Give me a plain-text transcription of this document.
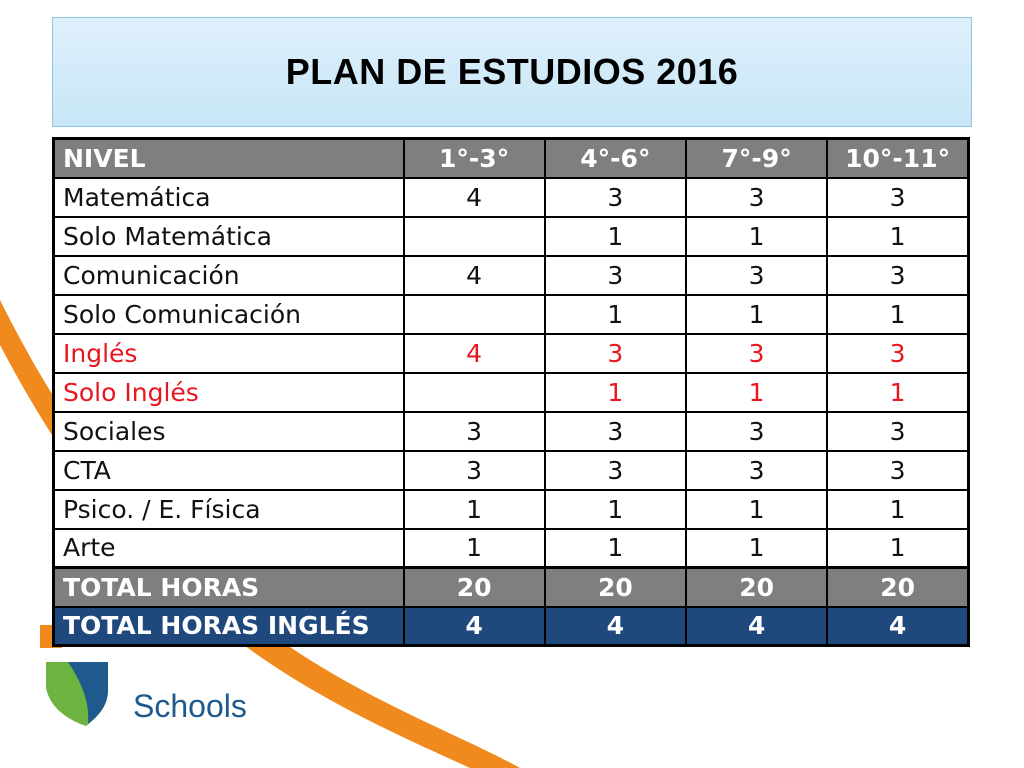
Schools
PLAN DE ESTUDIOS 2016
NIVEL	1°-3°	4°-6°	7°-9°	10°-11°
Matemática	4	3	3	3
Solo Matemática		1	1	1
Comunicación	4	3	3	3
Solo Comunicación		1	1	1
Inglés	4	3	3	3
Solo Inglés		1	1	1
Sociales	3	3	3	3
CTA	3	3	3	3
Psico. / E. Física	1	1	1	1
Arte	1	1	1	1
TOTAL HORAS	20	20	20	20
TOTAL HORAS INGLÉS	4	4	4	4
